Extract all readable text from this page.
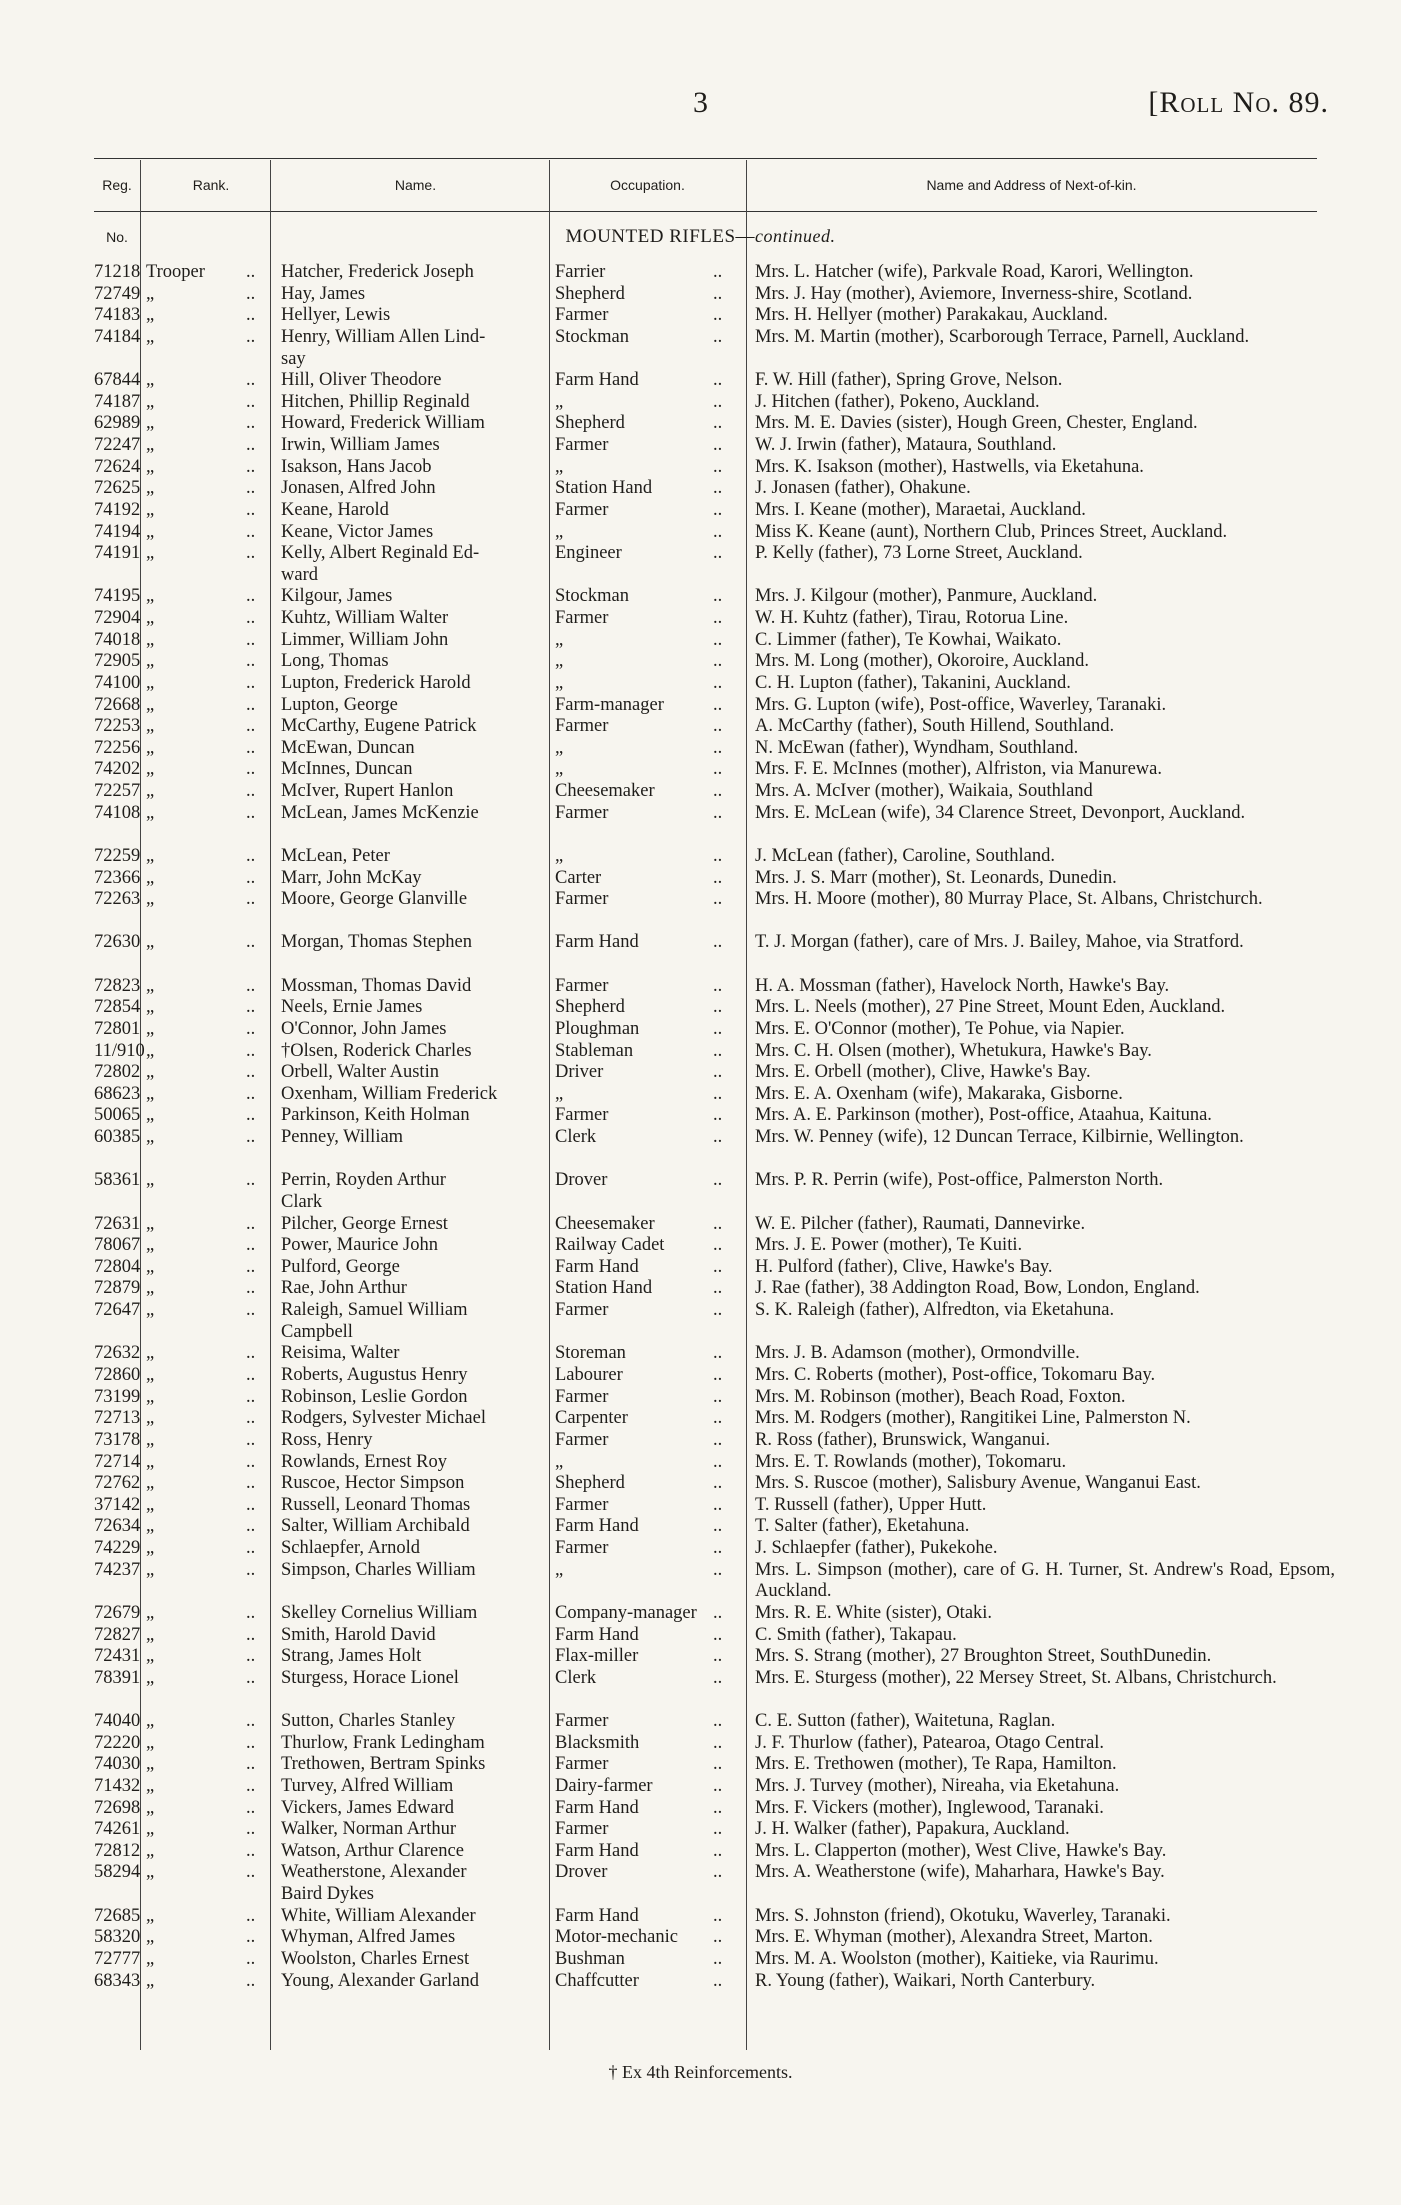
3	[Roll No. 89.
Reg. No.
Rank.	Name.	Occupation.	Name and Address of Next-of-kin.
MOUNTED RIFLES—continued.
71218 Trooper .. Hatcher, Frederick Joseph	Farrier	.. Mrs. L. Hatcher (wife), Parkvale Road, Karori, Wellington.
72749 „	.. Hay, James	Shepherd	.. Mrs. J. Hay (mother), Aviemore, Inverness-shire, Scotland.
74183 „	.. Hellyer, Lewis	Farmer	.. Mrs. H. Hellyer (mother) Parakakau, Auckland.
74184 „	.. Henry, William Allen Lind-
say
Stockman	.. Mrs. M. Martin (mother), Scarborough Terrace, Parnell, Auckland.
67844 „	.. Hill, Oliver Theodore	Farm Hand	.. F. W. Hill (father), Spring Grove, Nelson.
74187 „	.. Hitchen, Phillip Reginald	„	.. J. Hitchen (father), Pokeno, Auckland.
62989 „	.. Howard, Frederick William	Shepherd	.. Mrs. M. E. Davies (sister), Hough Green, Chester, England.
72247 „	.. Irwin, William James	Farmer	.. W. J. Irwin (father), Mataura, Southland.
72624 „	.. Isakson, Hans Jacob	„	.. Mrs. K. Isakson (mother), Hastwells, via Eketahuna.
72625 „	.. Jonasen, Alfred John	Station Hand	.. J. Jonasen (father), Ohakune.
74192 „	.. Keane, Harold	Farmer	.. Mrs. I. Keane (mother), Maraetai, Auckland.
74194 „	.. Keane, Victor James	„	.. Miss K. Keane (aunt), Northern Club, Princes Street, Auckland.
74191 „	.. Kelly, Albert Reginald Ed-
ward
Engineer	.. P. Kelly (father), 73 Lorne Street, Auckland.
74195 „	.. Kilgour, James	Stockman	.. Mrs. J. Kilgour (mother), Panmure, Auckland.
72904 „	.. Kuhtz, William Walter	Farmer	.. W. H. Kuhtz (father), Tirau, Rotorua Line.
74018 „	.. Limmer, William John	„	.. C. Limmer (father), Te Kowhai, Waikato.
72905 „	.. Long, Thomas	„	.. Mrs. M. Long (mother), Okoroire, Auckland.
74100 „	.. Lupton, Frederick Harold	„	.. C. H. Lupton (father), Takanini, Auckland.
72668 „	.. Lupton, George	Farm-manager	.. Mrs. G. Lupton (wife), Post-office, Waverley, Taranaki.
72253 „	.. McCarthy, Eugene Patrick	Farmer	.. A. McCarthy (father), South Hillend, Southland.
72256 „	.. McEwan, Duncan	„	.. N. McEwan (father), Wyndham, Southland.
74202 „	.. McInnes, Duncan	„	.. Mrs. F. E. McInnes (mother), Alfriston, via Manurewa.
72257 „	.. McIver, Rupert Hanlon	Cheesemaker	.. Mrs. A. McIver (mother), Waikaia, Southland
74108 „	.. McLean, James McKenzie	Farmer	.. Mrs. E. McLean (wife), 34 Clarence Street, Devonport, Auckland.
72259 „	.. McLean, Peter	„	.. J. McLean (father), Caroline, Southland.
72366 „	.. Marr, John McKay	Carter	.. Mrs. J. S. Marr (mother), St. Leonards, Dunedin.
72263 „	.. Moore, George Glanville	Farmer	.. Mrs. H. Moore (mother), 80 Murray Place, St. Albans, Christchurch.
72630 „	.. Morgan, Thomas Stephen	Farm Hand	.. T. J. Morgan (father), care of Mrs. J. Bailey, Mahoe, via Stratford.
72823 „	.. Mossman, Thomas David	Farmer	.. H. A. Mossman (father), Havelock North, Hawke's Bay.
72854 „	.. Neels, Ernie James	Shepherd	.. Mrs. L. Neels (mother), 27 Pine Street, Mount Eden, Auckland.
72801 „	.. O'Connor, John James	Ploughman	.. Mrs. E. O'Connor (mother), Te Pohue, via Napier.
11/910 „	.. †Olsen, Roderick Charles	Stableman	.. Mrs. C. H. Olsen (mother), Whetukura, Hawke's Bay.
72802 „	.. Orbell, Walter Austin	Driver	.. Mrs. E. Orbell (mother), Clive, Hawke's Bay.
68623 „	.. Oxenham, William Frederick	„	.. Mrs. E. A. Oxenham (wife), Makaraka, Gisborne.
50065 „	.. Parkinson, Keith Holman	Farmer	.. Mrs. A. E. Parkinson (mother), Post-office, Ataahua, Kaituna.
60385 „	.. Penney, William	Clerk	.. Mrs. W. Penney (wife), 12 Duncan Terrace, Kilbirnie, Wellington.
58361 „	.. Perrin, Royden Arthur
Clark
Drover	.. Mrs. P. R. Perrin (wife), Post-office, Palmerston North.
72631 „	.. Pilcher, George Ernest	Cheesemaker	.. W. E. Pilcher (father), Raumati, Dannevirke.
78067 „	.. Power, Maurice John	Railway Cadet	.. Mrs. J. E. Power (mother), Te Kuiti.
72804 „	.. Pulford, George	Farm Hand	.. H. Pulford (father), Clive, Hawke's Bay.
72879 „	.. Rae, John Arthur	Station Hand	.. J. Rae (father), 38 Addington Road, Bow, London, England.
72647 „	.. Raleigh, Samuel William
Campbell
Farmer	.. S. K. Raleigh (father), Alfredton, via Eketahuna.
72632 „	.. Reisima, Walter	Storeman	.. Mrs. J. B. Adamson (mother), Ormondville.
72860 „	.. Roberts, Augustus Henry	Labourer	.. Mrs. C. Roberts (mother), Post-office, Tokomaru Bay.
73199 „	.. Robinson, Leslie Gordon	Farmer	.. Mrs. M. Robinson (mother), Beach Road, Foxton.
72713 „	.. Rodgers, Sylvester Michael	Carpenter	.. Mrs. M. Rodgers (mother), Rangitikei Line, Palmerston N.
73178 „	.. Ross, Henry	Farmer	.. R. Ross (father), Brunswick, Wanganui.
72714 „	.. Rowlands, Ernest Roy	„	.. Mrs. E. T. Rowlands (mother), Tokomaru.
72762 „	.. Ruscoe, Hector Simpson	Shepherd	.. Mrs. S. Ruscoe (mother), Salisbury Avenue, Wanganui East.
37142 „	.. Russell, Leonard Thomas	Farmer	.. T. Russell (father), Upper Hutt.
72634 „	.. Salter, William Archibald	Farm Hand	.. T. Salter (father), Eketahuna.
74229 „	.. Schlaepfer, Arnold	Farmer	.. J. Schlaepfer (father), Pukekohe.
74237 „	.. Simpson, Charles William	„	.. Mrs. L. Simpson (mother), care of G. H. Turner, St. Andrew's Road, Epsom, Auckland.
72679 „	.. Skelley Cornelius William	Company-manager .. Mrs. R. E. White (sister), Otaki.
72827 „	.. Smith, Harold David	Farm Hand	.. C. Smith (father), Takapau.
72431 „	.. Strang, James Holt	Flax-miller	.. Mrs. S. Strang (mother), 27 Broughton Street, SouthDunedin.
78391 „	.. Sturgess, Horace Lionel	Clerk	.. Mrs. E. Sturgess (mother), 22 Mersey Street, St. Albans, Christchurch.
74040 „	.. Sutton, Charles Stanley	Farmer	.. C. E. Sutton (father), Waitetuna, Raglan.
72220 „	.. Thurlow, Frank Ledingham	Blacksmith	.. J. F. Thurlow (father), Patearoa, Otago Central.
74030 „	.. Trethowen, Bertram Spinks	Farmer	.. Mrs. E. Trethowen (mother), Te Rapa, Hamilton.
71432 „	.. Turvey, Alfred William	Dairy-farmer	.. Mrs. J. Turvey (mother), Nireaha, via Eketahuna.
72698 „	.. Vickers, James Edward	Farm Hand	.. Mrs. F. Vickers (mother), Inglewood, Taranaki.
74261 „	.. Walker, Norman Arthur	Farmer	.. J. H. Walker (father), Papakura, Auckland.
72812 „	.. Watson, Arthur Clarence	Farm Hand	.. Mrs. L. Clapperton (mother), West Clive, Hawke's Bay.
58294 „	.. Weatherstone, Alexander
Baird Dykes
Drover	.. Mrs. A. Weatherstone (wife), Maharhara, Hawke's Bay.
72685 „	.. White, William Alexander	Farm Hand	.. Mrs. S. Johnston (friend), Okotuku, Waverley, Taranaki.
58320 „	.. Whyman, Alfred James	Motor-mechanic .. Mrs. E. Whyman (mother), Alexandra Street, Marton.
72777 „	.. Woolston, Charles Ernest	Bushman	.. Mrs. M. A. Woolston (mother), Kaitieke, via Raurimu.
68343 „	.. Young, Alexander Garland	Chaffcutter	.. R. Young (father), Waikari, North Canterbury.
† Ex 4th Reinforcements.
